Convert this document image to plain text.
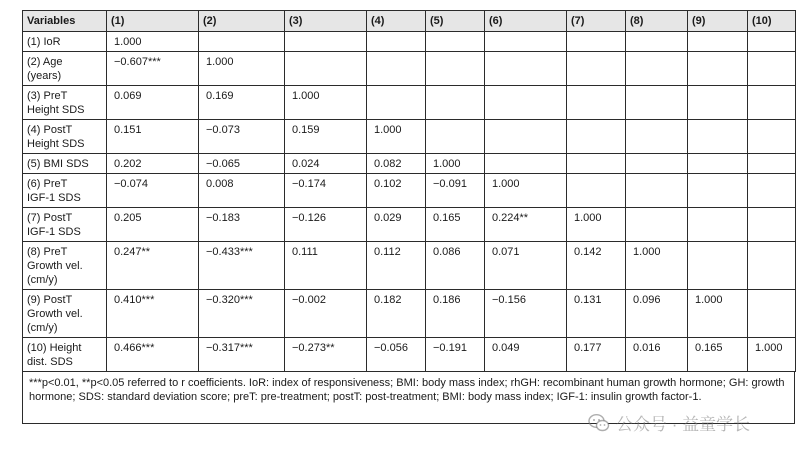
Variables	(1)	(2)	(3)	(4)	(5)	(6)	(7)	(8)	(9)	(10)
(1) IoR	1.000									
(2) Age
(years)	−0.607***	1.000								
(3) PreT
Height SDS	0.069	0.169	1.000							
(4) PostT
Height SDS	0.151	−0.073	0.159	1.000						
(5) BMI SDS	0.202	−0.065	0.024	0.082	1.000					
(6) PreT
IGF-1 SDS	−0.074	0.008	−0.174	0.102	−0.091	1.000				
(7) PostT
IGF-1 SDS	0.205	−0.183	−0.126	0.029	0.165	0.224**	1.000			
(8) PreT
Growth vel.
(cm/y)	0.247**	−0.433***	0.111	0.112	0.086	0.071	0.142	1.000		
(9) PostT
Growth vel.
(cm/y)	0.410***	−0.320***	−0.002	0.182	0.186	−0.156	0.131	0.096	1.000	
(10) Height
dist. SDS	0.466***	−0.317***	−0.273**	−0.056	−0.191	0.049	0.177	0.016	0.165	1.000
***p<0.01, **p<0.05 referred to r coefficients. IoR: index of responsiveness; BMI: body mass index; rhGH: recombinant human growth hormone; GH: growth hormone; SDS: standard deviation score; preT: pre-treatment; postT: post-treatment; BMI: body mass index; IGF-1: insulin growth factor-1.
公众号 · 益童学长
